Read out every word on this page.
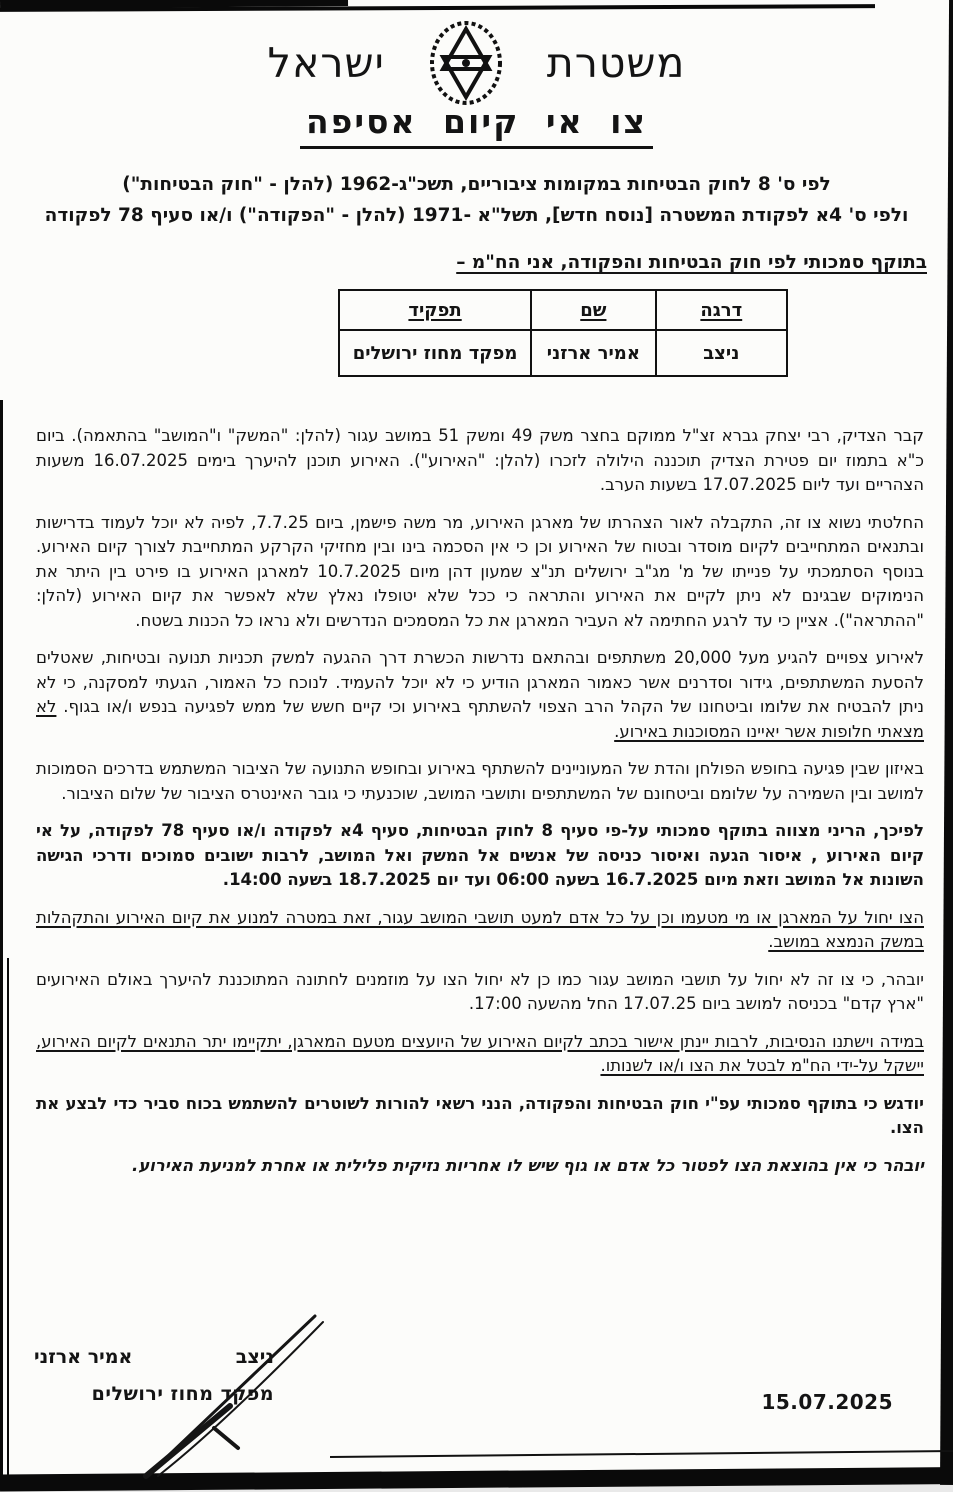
משטרת
ישראל
צו אי קיום אסיפה
לפי ס' 8 לחוק הבטיחות במקומות ציבוריים, תשכ"ג-1962 (להלן - "חוק הבטיחות")
ולפי ס' 4א לפקודת המשטרה [נוסח חדש], תשל"א -1971 (להלן - "הפקודה") ו/או סעיף 78 לפקודה
בתוקף סמכותי לפי חוק הבטיחות והפקודה, אני הח"מ –
דרגה	שם	תפקיד
ניצב	אמיר ארזני	מפקד מחוז ירושלים

קבר הצדיק, רבי יצחק גברא זצ"ל ממוקם בחצר משק 49 ומשק 51 במושב עגור (להלן: "המשק" ו"המושב" בהתאמה). ביום כ"א בתמוז יום פטירת הצדיק תוכננה הילולה לזכרו (להלן: "האירוע"). האירוע תוכנן להיערך בימים 16.07.2025 משעות הצהריים ועד ליום 17.07.2025 בשעות הערב.

החלטתי נשוא צו זה, התקבלה לאור הצהרתו של מארגן האירוע, מר משה פישמן, ביום 7.7.25, לפיה לא יוכל לעמוד בדרישות ובתנאים המתחייבים לקיום מוסדר ובטוח של האירוע וכן כי אין הסכמה בינו ובין מחזיקי הקרקע המתחייבת לצורך קיום האירוע. בנוסף הסתמכתי על פנייתו של מ' מג"ב ירושלים תנ"צ שמעון דהן מיום 10.7.2025 למארגן האירוע בו פירט בין היתר את הנימוקים שבגינם לא ניתן לקיים את האירוע והתראה כי ככל שלא יטופלו נאלץ שלא לאפשר את קיום האירוע (להלן: "ההתראה"). אציין כי עד לרגע החתימה לא העביר המארגן את כל המסמכים הנדרשים ולא נראו כל הכנות בשטח.

לאירוע צפויים להגיע מעל 20,000 משתתפים ובהתאם נדרשות הכשרת דרך ההגעה למשק תכניות תנועה ובטיחות, שאטלים להסעת המשתתפים, גידור וסדרנים אשר כאמור המארגן הודיע כי לא יוכל להעמיד. לנוכח כל האמור, הגעתי למסקנה, כי לא ניתן להבטיח את שלומו וביטחונו של הקהל הרב הצפוי להשתתף באירוע וכי קיים חשש של ממש לפגיעה בנפש ו/או בגוף. לא מצאתי חלופות אשר יאיינו המסוכנות באירוע.

באיזון שבין פגיעה בחופש הפולחן והדת של המעוניינים להשתתף באירוע ובחופש התנועה של הציבור המשתמש בדרכים הסמוכות למושב ובין השמירה על שלומם וביטחונם של המשתתפים ותושבי המושב, שוכנעתי כי גובר האינטרס הציבור של שלום הציבור.

לפיכך, הריני מצווה בתוקף סמכותי על-פי סעיף 8 לחוק הבטיחות, סעיף 4א לפקודה ו/או סעיף 78 לפקודה, על אי קיום האירוע , איסור הגעה ואיסור כניסה של אנשים אל המשק ואל המושב, לרבות ישובים סמוכים ודרכי הגישה השונות אל המושב וזאת מיום 16.7.2025 בשעה 06:00 ועד יום 18.7.2025 בשעה 14:00.

הצו יחול על המארגן או מי מטעמו וכן על כל אדם למעט תושבי המושב עגור, זאת במטרה למנוע את קיום האירוע והתקהלות במשק הנמצא במושב.

יובהר, כי צו זה לא יחול על תושבי המושב עגור כמו כן לא יחול הצו על מוזמנים לחתונה המתוכננת להיערך באולם האירועים "ארץ קדם" בכניסה למושב ביום 17.07.25 החל מהשעה 17:00.

במידה וישתנו הנסיבות, לרבות יינתן אישור בכתב לקיום האירוע של היועצים מטעם המארגן, יתקיימו יתר התנאים לקיום האירוע, יישקל על-ידי הח"מ לבטל את הצו ו/או לשנותו.

יודגש כי בתוקף סמכותי עפ"י חוק הבטיחות והפקודה, הנני רשאי להורות לשוטרים להשתמש בכוח סביר כדי לבצע את הצו.

יובהר כי אין בהוצאת הצו לפטור כל אדם או גוף שיש לו אחריות נזיקית פלילית או אחרת למניעת האירוע.

ניצב
אמיר ארזני
מפקד מחוז ירושלים	15.07.2025
